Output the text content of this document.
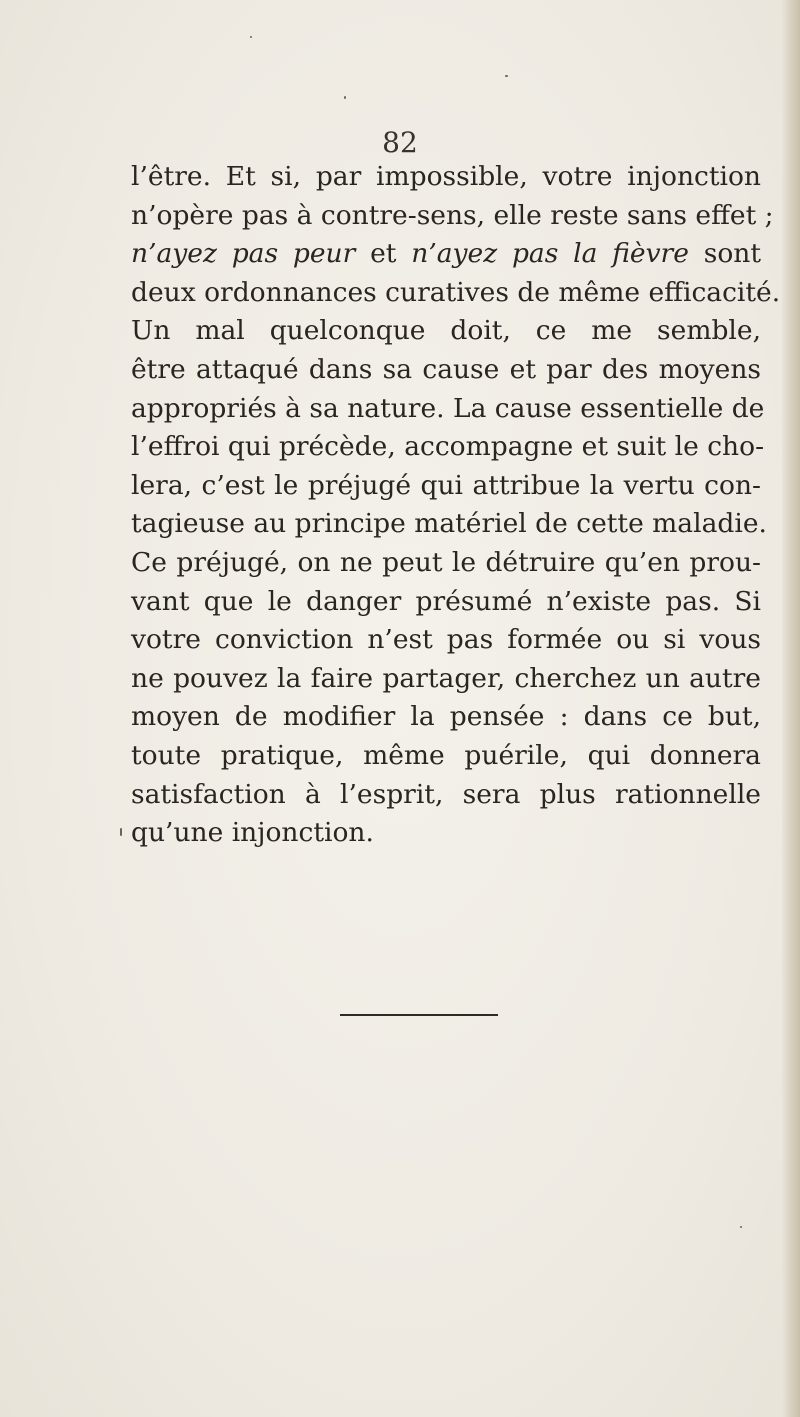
82
l’être. Et si, par impossible, votre injonction
n’opère pas à contre-sens, elle reste sans effet ;
n’ayez pas peur et n’ayez pas la fièvre sont
deux ordonnances curatives de même efficacité.
Un mal quelconque doit, ce me semble,
être attaqué dans sa cause et par des moyens
appropriés à sa nature. La cause essentielle de
l’effroi qui précède, accompagne et suit le cho-
lera, c’est le préjugé qui attribue la vertu con-
tagieuse au principe matériel de cette maladie.
Ce préjugé, on ne peut le détruire qu’en prou-
vant que le danger présumé n’existe pas. Si
votre conviction n’est pas formée ou si vous
ne pouvez la faire partager, cherchez un autre
moyen de modifier la pensée : dans ce but,
toute pratique, même puérile, qui donnera
satisfaction à l’esprit, sera plus rationnelle
qu’une injonction.
